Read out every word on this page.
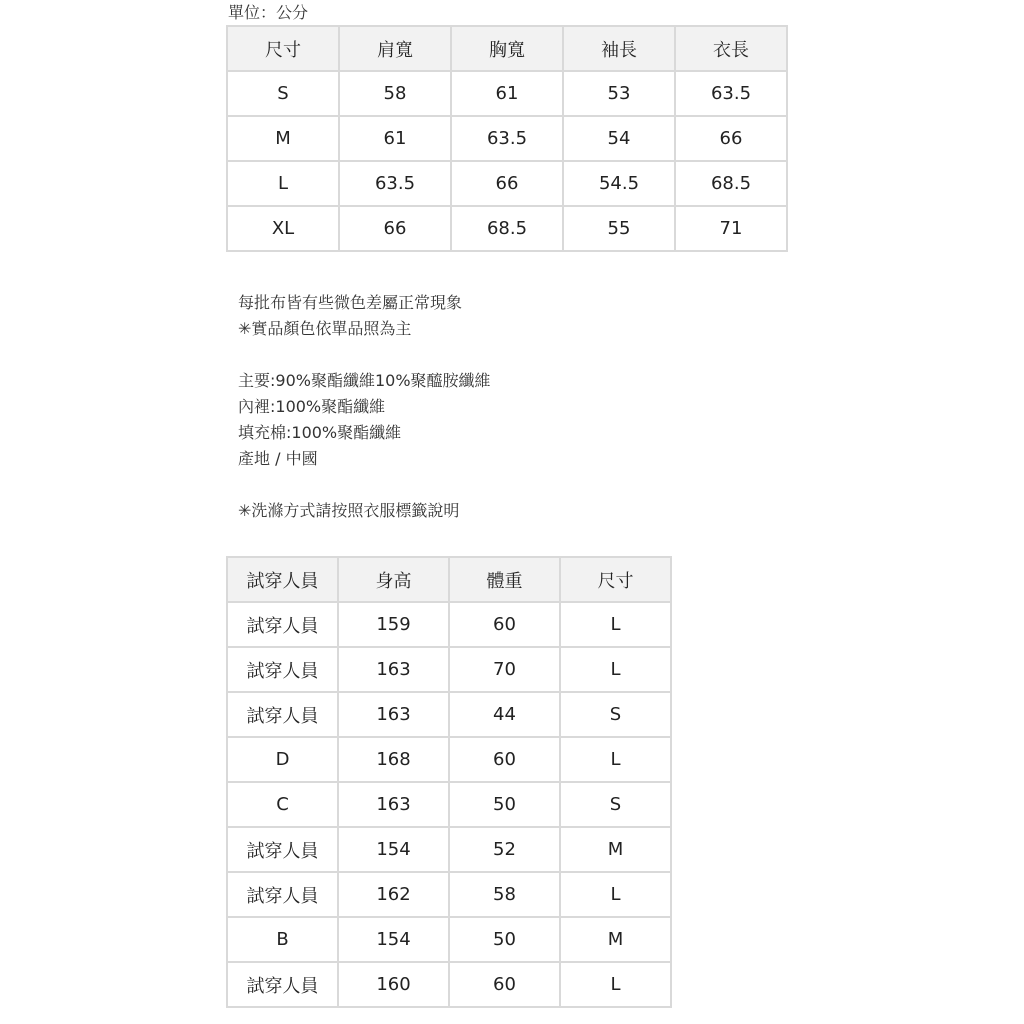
單位：公分
尺寸	肩寬	胸寬	袖長	衣長
S	58	61	53	63.5
M	61	63.5	54	66
L	63.5	66	54.5	68.5
XL	66	68.5	55	71
每批布皆有些微色差屬正常現象
✳實品顏色依單品照為主
主要:90%聚酯纖維10%聚醯胺纖維
內裡:100%聚酯纖維
填充棉:100%聚酯纖維
產地 / 中國
✳洗滌方式請按照衣服標籤說明
試穿人員	身高	體重	尺寸
試穿人員	159	60	L
試穿人員	163	70	L
試穿人員	163	44	S
D	168	60	L
C	163	50	S
試穿人員	154	52	M
試穿人員	162	58	L
B	154	50	M
試穿人員	160	60	L
